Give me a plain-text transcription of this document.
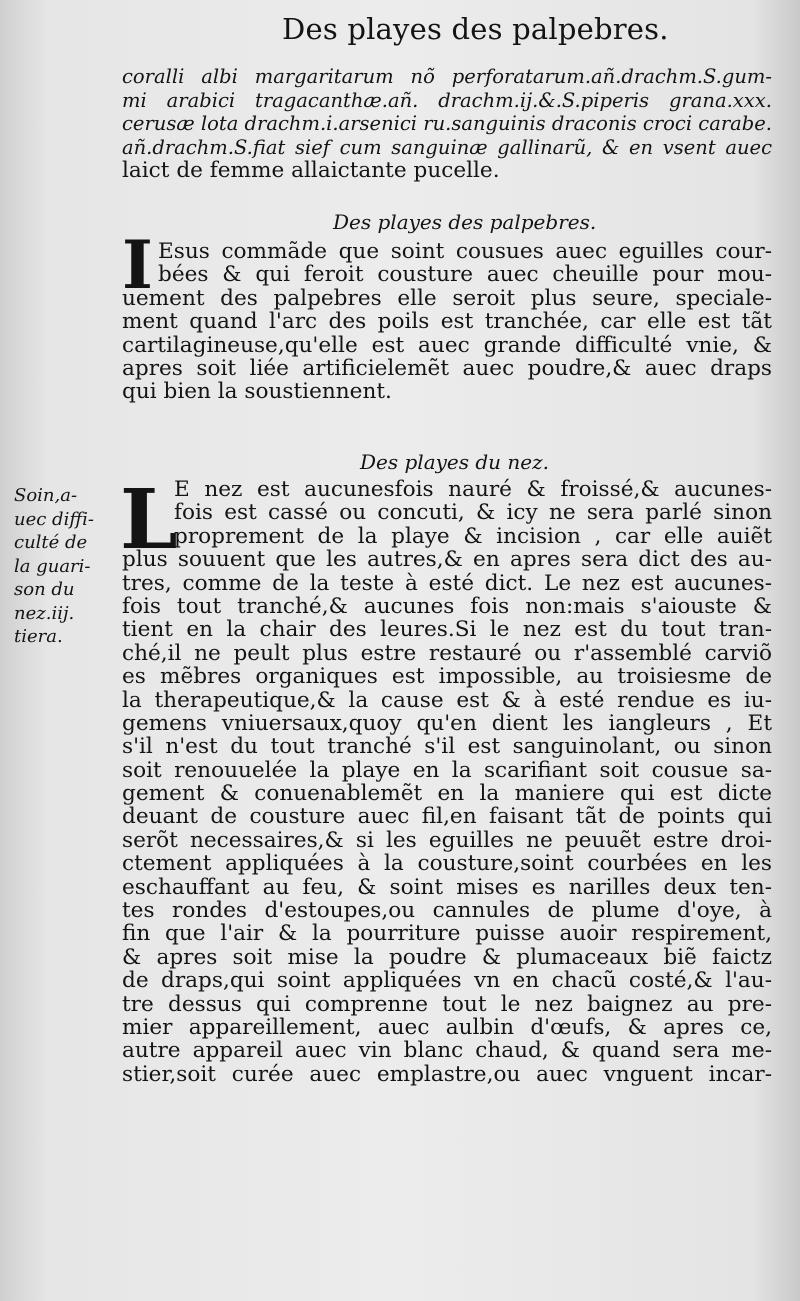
Des playes des palpebres.
coralli albi margaritarum nõ perforatarum.añ.drachm.S.gum-
mi arabici tragacanthæ.añ. drachm.ij.&.S.piperis grana.xxx.
cerusæ lota drachm.i.arsenici ru.sanguinis draconis croci carabe.
añ.drachm.S.fiat sief cum sanguinæ gallinarũ, & en vsent auec
laict de femme allaictante pucelle.
Des playes des palpebres.
I Esus commãde que soint cousues auec eguilles cour-
bées & qui feroit cousture auec cheuille pour mou-
uement des palpebres elle seroit plus seure, speciale-
ment quand l'arc des poils est tranchée, car elle est tãt
cartilagineuse,qu'elle est auec grande difficulté vnie, &
apres soit liée artificielemẽt auec poudre,& auec draps
qui bien la soustiennent.
Des playes du nez.
Soin,a-
uec diffi-
culté de
la guari-
son du
nez.iij.
tiera.
L
E nez est aucunesfois nauré & froissé,& aucunes-
fois est cassé ou concuti, & icy ne sera parlé sinon
proprement de la playe & incision , car elle auiẽt
plus souuent que les autres,& en apres sera dict des au-
tres, comme de la teste à esté dict. Le nez est aucunes-
fois tout tranché,& aucunes fois non:mais s'aiouste &
tient en la chair des leures.Si le nez est du tout tran-
ché,il ne peult plus estre restauré ou r'assemblé carviõ
es mẽbres organiques est impossible, au troisiesme de
la therapeutique,& la cause est & à esté rendue es iu-
gemens vniuersaux,quoy qu'en dient les iangleurs , Et
s'il n'est du tout tranché s'il est sanguinolant, ou sinon
soit renouuelée la playe en la scarifiant soit cousue sa-
gement & conuenablemẽt en la maniere qui est dicte
deuant de cousture auec fil,en faisant tãt de points qui
serõt necessaires,& si les eguilles ne peuuẽt estre droi-
ctement appliquées à la cousture,soint courbées en les
eschauffant au feu, & soint mises es narilles deux ten-
tes rondes d'estoupes,ou cannules de plume d'oye, à
fin que l'air & la pourriture puisse auoir respirement,
& apres soit mise la poudre & plumaceaux biẽ faictz
de draps,qui soint appliquées vn en chacũ costé,& l'au-
tre dessus qui comprenne tout le nez baignez au pre-
mier appareillement, auec aulbin d'œufs, & apres ce,
autre appareil auec vin blanc chaud, & quand sera me-
stier,soit curée auec emplastre,ou auec vnguent incar-
